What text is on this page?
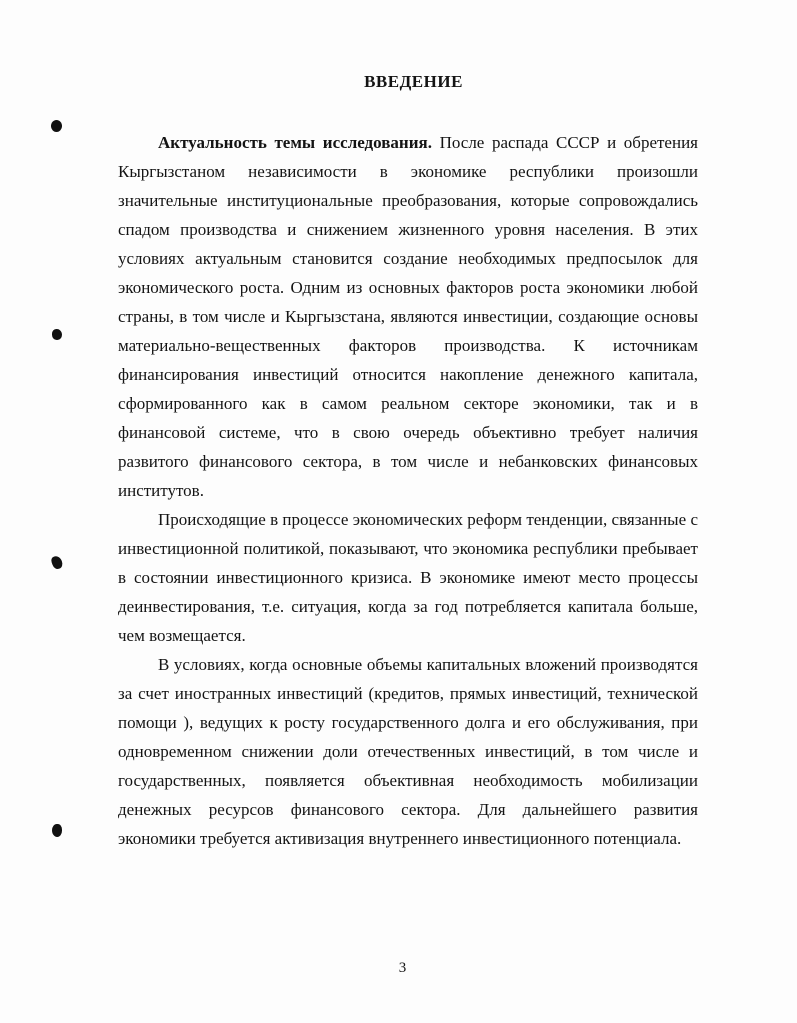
ВВЕДЕНИЕ

Актуальность темы исследования. После распада СССР и обретения Кыргызстаном независимости в экономике республики произошли значительные институциональные преобразования, которые сопровождались спадом производства и снижением жизненного уровня населения. В этих условиях актуальным становится создание необходимых предпосылок для экономического роста. Одним из основных факторов роста экономики любой страны, в том числе и Кыргызстана, являются инвестиции, создающие основы материально-вещественных факторов производства. К источникам финансирования инвестиций относится накопление денежного капитала, сформированного как в самом реальном секторе экономики, так и в финансовой системе, что в свою очередь объективно требует наличия развитого финансового сектора, в том числе и небанковских финансовых институтов.

Происходящие в процессе экономических реформ тенденции, связанные с инвестиционной политикой, показывают, что экономика республики пребывает в состоянии инвестиционного кризиса. В экономике имеют место процессы деинвестирования, т.е. ситуация, когда за год потребляется капитала больше, чем возмещается.

В условиях, когда основные объемы капитальных вложений производятся за счет иностранных инвестиций (кредитов, прямых инвестиций, технической помощи ), ведущих к росту государственного долга и его обслуживания, при одновременном снижении доли отечественных инвестиций, в том числе и государственных, появляется объективная необходимость мобилизации денежных ресурсов финансового сектора. Для дальнейшего развития экономики требуется активизация внутреннего инвестиционного потенциала.

3
